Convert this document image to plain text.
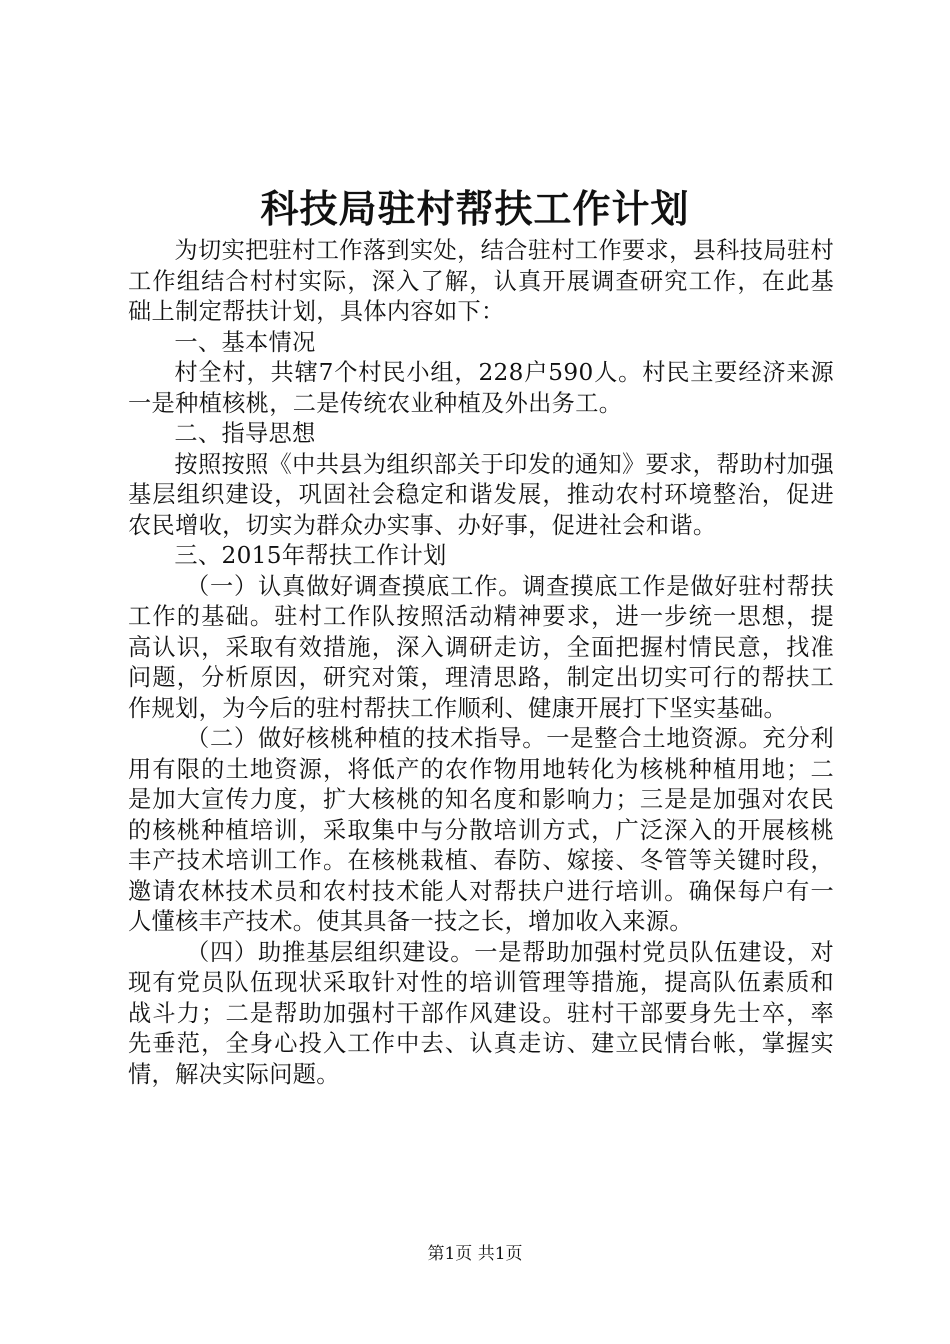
科技局驻村帮扶工作计划

为切实把驻村工作落到实处，结合驻村工作要求，县科技局驻村工作组结合村村实际，深入了解，认真开展调查研究工作，在此基础上制定帮扶计划，具体内容如下：

一、基本情况

村全村，共辖7个村民小组，228户590人。村民主要经济来源一是种植核桃，二是传统农业种植及外出务工。

二、指导思想

按照按照《中共县为组织部关于印发的通知》要求，帮助村加强基层组织建设，巩固社会稳定和谐发展，推动农村环境整治，促进农民增收，切实为群众办实事、办好事，促进社会和谐。

三、2015年帮扶工作计划

（一）认真做好调查摸底工作。调查摸底工作是做好驻村帮扶工作的基础。驻村工作队按照活动精神要求，进一步统一思想，提高认识，采取有效措施，深入调研走访，全面把握村情民意，找准问题，分析原因，研究对策，理清思路，制定出切实可行的帮扶工作规划，为今后的驻村帮扶工作顺利、健康开展打下坚实基础。

（二）做好核桃种植的技术指导。一是整合土地资源。充分利用有限的土地资源，将低产的农作物用地转化为核桃种植用地；二是加大宣传力度，扩大核桃的知名度和影响力；三是是加强对农民的核桃种植培训，采取集中与分散培训方式，广泛深入的开展核桃丰产技术培训工作。在核桃栽植、春防、嫁接、冬管等关键时段，邀请农林技术员和农村技术能人对帮扶户进行培训。确保每户有一人懂核丰产技术。使其具备一技之长，增加收入来源。

（四）助推基层组织建设。一是帮助加强村党员队伍建设，对现有党员队伍现状采取针对性的培训管理等措施，提高队伍素质和战斗力；二是帮助加强村干部作风建设。驻村干部要身先士卒，率先垂范，全身心投入工作中去、认真走访、建立民情台帐，掌握实情，解决实际问题。

第1页 共1页
